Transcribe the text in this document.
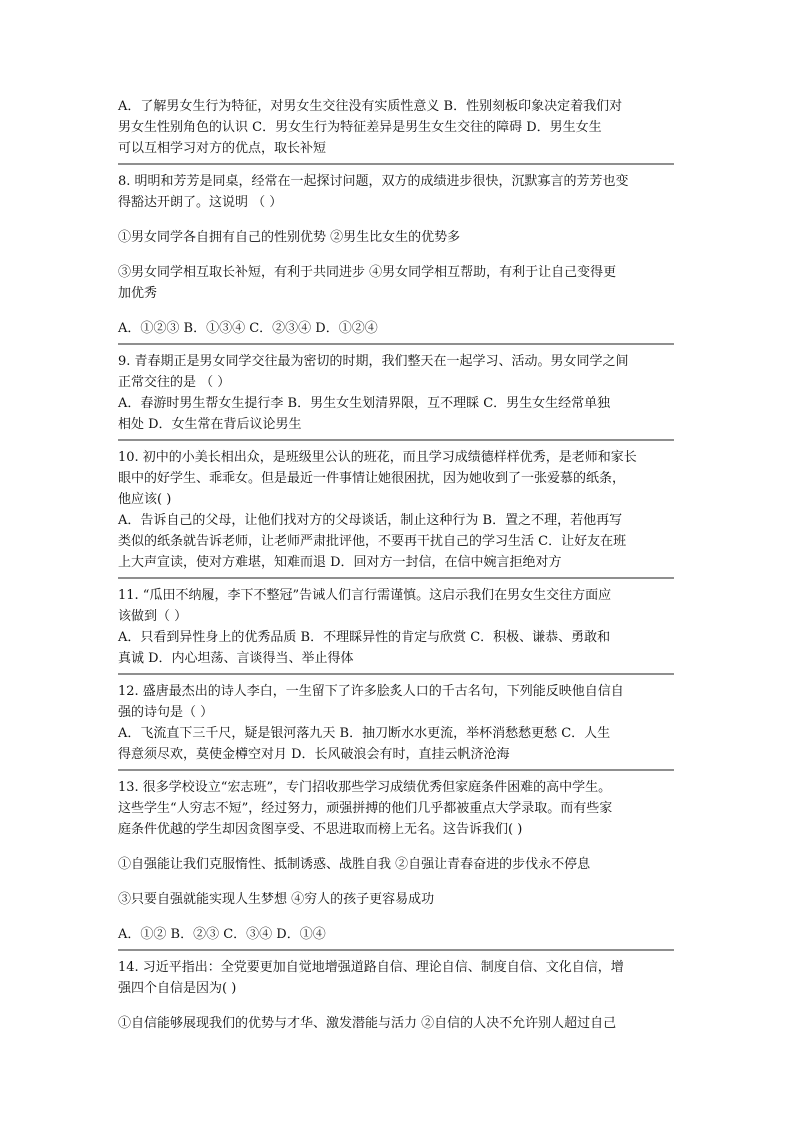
A．了解男女生行为特征，对男女生交往没有实质性意义 B．性别刻板印象决定着我们对
男女生性别角色的认识 C．男女生行为特征差异是男生女生交往的障碍 D．男生女生
可以互相学习对方的优点，取长补短
8. 明明和芳芳是同桌，经常在一起探讨问题，双方的成绩进步很快，沉默寡言的芳芳也变
得豁达开朗了。这说明 （ ）
①男女同学各自拥有自己的性别优势 ②男生比女生的优势多
③男女同学相互取长补短，有利于共同进步 ④男女同学相互帮助，有利于让自己变得更
加优秀
A．①②③ B．①③④ C．②③④ D．①②④
9. 青春期正是男女同学交往最为密切的时期，我们整天在一起学习、活动。男女同学之间
正常交往的是 （ ）
A．春游时男生帮女生提行李 B．男生女生划清界限，互不理睬 C．男生女生经常单独
相处 D．女生常在背后议论男生
10. 初中的小美长相出众，是班级里公认的班花，而且学习成绩德样样优秀，是老师和家长
眼中的好学生、乖乖女。但是最近一件事情让她很困扰，因为她收到了一张爱慕的纸条，
他应该( )
A．告诉自己的父母，让他们找对方的父母谈话，制止这种行为 B．置之不理，若他再写
类似的纸条就告诉老师，让老师严肃批评他，不要再干扰自己的学习生活 C．让好友在班
上大声宣读，使对方难堪，知难而退 D．回对方一封信，在信中婉言拒绝对方
11. “瓜田不纳履，李下不整冠”告诫人们言行需谨慎。这启示我们在男女生交往方面应
该做到（ ）
A．只看到异性身上的优秀品质 B．不理睬异性的肯定与欣赏 C．积极、谦恭、勇敢和
真诚 D．内心坦荡、言谈得当、举止得体
12. 盛唐最杰出的诗人李白，一生留下了许多脍炙人口的千古名句，下列能反映他自信自
强的诗句是（ ）
A．飞流直下三千尺，疑是银河落九天 B．抽刀断水水更流，举杯消愁愁更愁 C．人生
得意须尽欢，莫使金樽空对月 D．长风破浪会有时，直挂云帆济沧海
13. 很多学校设立“宏志班”，专门招收那些学习成绩优秀但家庭条件困难的高中学生。
这些学生“人穷志不短”，经过努力，顽强拼搏的他们几乎都被重点大学录取。而有些家
庭条件优越的学生却因贪图享受、不思进取而榜上无名。这告诉我们( )
①自强能让我们克服惰性、抵制诱惑、战胜自我 ②自强让青春奋进的步伐永不停息
③只要自强就能实现人生梦想 ④穷人的孩子更容易成功
A．①② B．②③ C．③④ D．①④
14. 习近平指出：全党要更加自觉地增强道路自信、理论自信、制度自信、文化自信，增
强四个自信是因为( )
①自信能够展现我们的优势与才华、激发潜能与活力 ②自信的人决不允许别人超过自己
